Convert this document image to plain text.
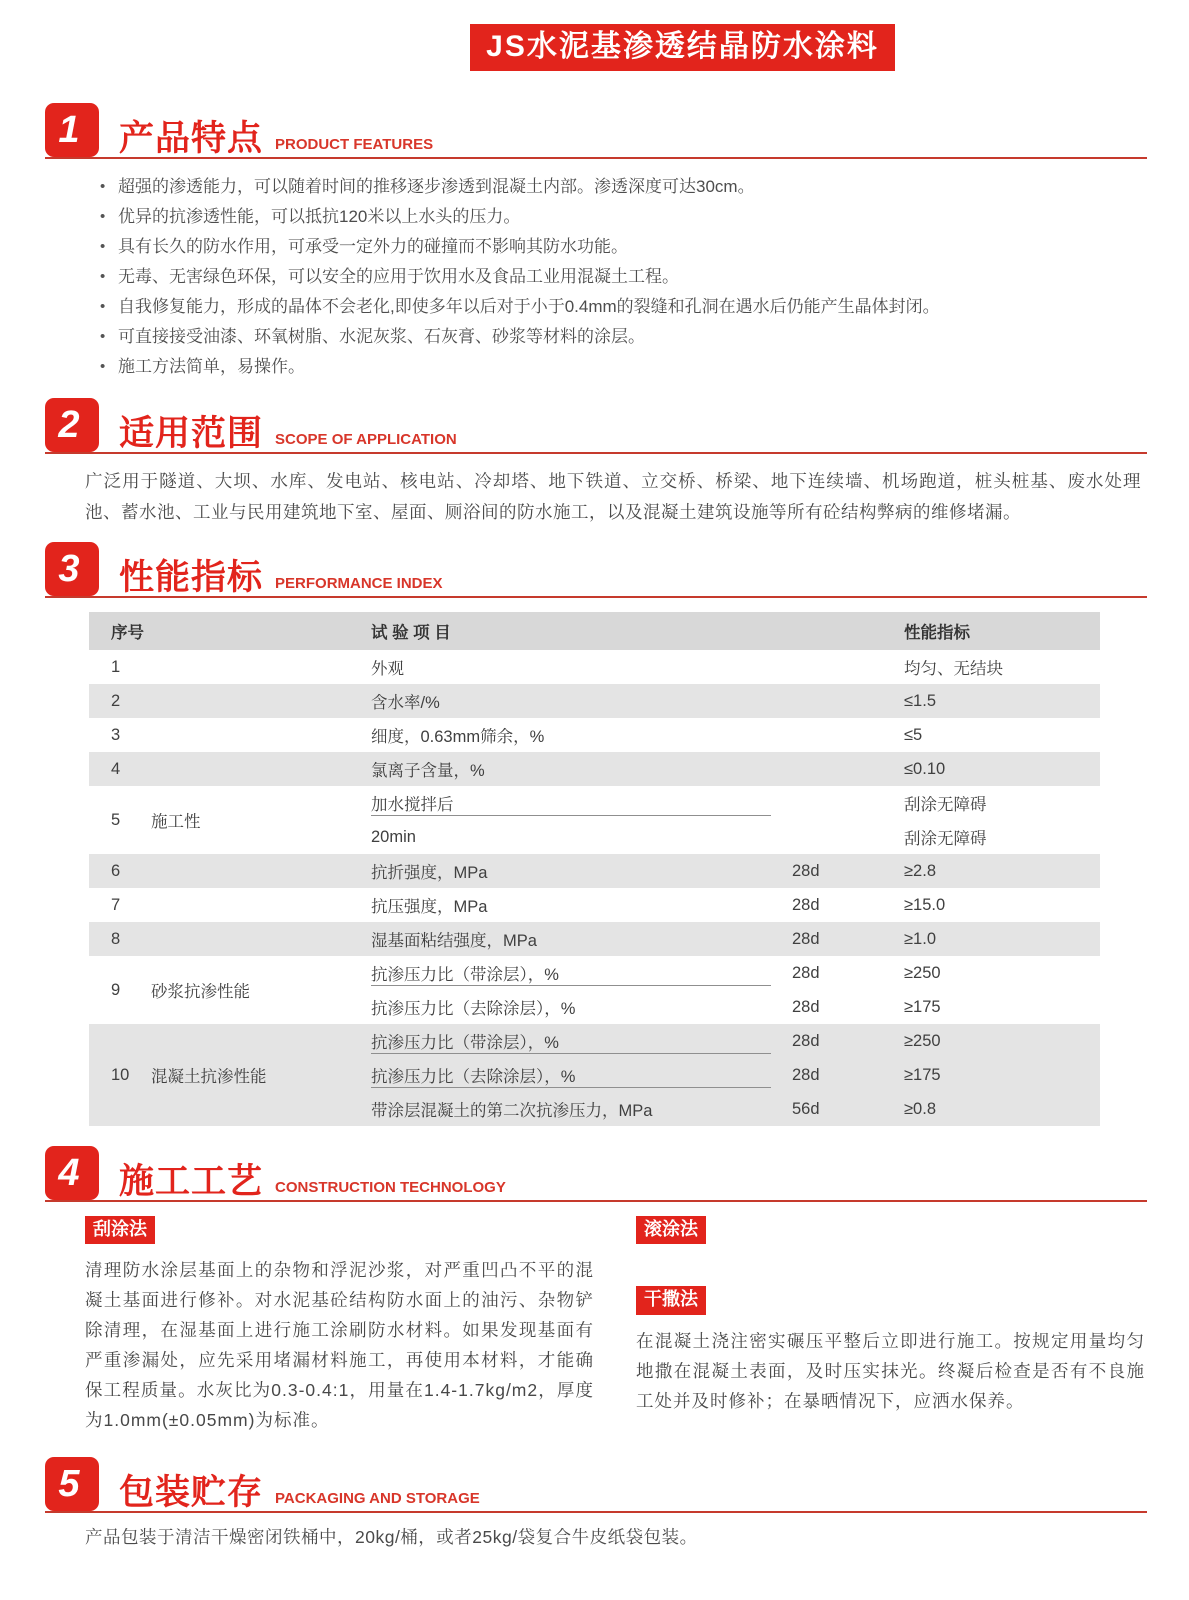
JS水泥基渗透结晶防水涂料
1	产品特点 PRODUCT FEATURES
• 超强的渗透能力，可以随着时间的推移逐步渗透到混凝土内部。渗透深度可达30cm。
• 优异的抗渗透性能，可以抵抗120米以上水头的压力。
• 具有长久的防水作用，可承受一定外力的碰撞而不影响其防水功能。
• 无毒、无害绿色环保，可以安全的应用于饮用水及食品工业用混凝土工程。
• 自我修复能力，形成的晶体不会老化,即使多年以后对于小于0.4mm的裂缝和孔洞在遇水后仍能产生晶体封闭。
• 可直接接受油漆、环氧树脂、水泥灰浆、石灰膏、砂浆等材料的涂层。
• 施工方法简单，易操作。
2	适用范围 SCOPE OF APPLICATION

广泛用于隧道、大坝、水库、发电站、核电站、冷却塔、地下铁道、立交桥、桥梁、地下连续墙、机场跑道，桩头桩基、废水处理池、蓄水池、工业与民用建筑地下室、屋面、厕浴间的防水施工，以及混凝土建筑设施等所有砼结构弊病的维修堵漏。

3	性能指标 PERFORMANCE INDEX
序号	试 验 项 目	性能指标
1	外观	均匀、无结块
2	含水率/%	≤1.5
3	细度，0.63mm筛余，%	≤5
4	氯离子含量，%	≤0.10
5	施工性
加水搅拌后	刮涂无障碍
20min	刮涂无障碍
6	抗折强度，MPa	28d	≥2.8
7	抗压强度，MPa	28d	≥15.0
8	湿基面粘结强度，MPa	28d	≥1.0
9	砂浆抗渗性能
抗渗压力比（带涂层），%	28d	≥250
抗渗压力比（去除涂层），%	28d	≥175
10	混凝土抗渗性能
抗渗压力比（带涂层），%	28d	≥250
抗渗压力比（去除涂层），%	28d	≥175
带涂层混凝土的第二次抗渗压力，MPa	56d	≥0.8
4	施工工艺 CONSTRUCTION TECHNOLOGY
刮涂法

清理防水涂层基面上的杂物和浮泥沙浆，对严重凹凸不平的混凝土基面进行修补。对水泥基砼结构防水面上的油污、杂物铲除清理，在湿基面上进行施工涂刷防水材料。如果发现基面有严重渗漏处，应先采用堵漏材料施工，再使用本材料，才能确保工程质量。水灰比为0.3-0.4:1，用量在1.4-1.7kg/m2，厚度为1.0mm(±0.05mm)为标准。

滚涂法
干撒法

在混凝土浇注密实碾压平整后立即进行施工。按规定用量均匀地撒在混凝土表面，及时压实抹光。终凝后检查是否有不良施工处并及时修补；在暴晒情况下，应洒水保养。

5	包装贮存 PACKAGING AND STORAGE

产品包装于清洁干燥密闭铁桶中，20kg/桶，或者25kg/袋复合牛皮纸袋包装。
